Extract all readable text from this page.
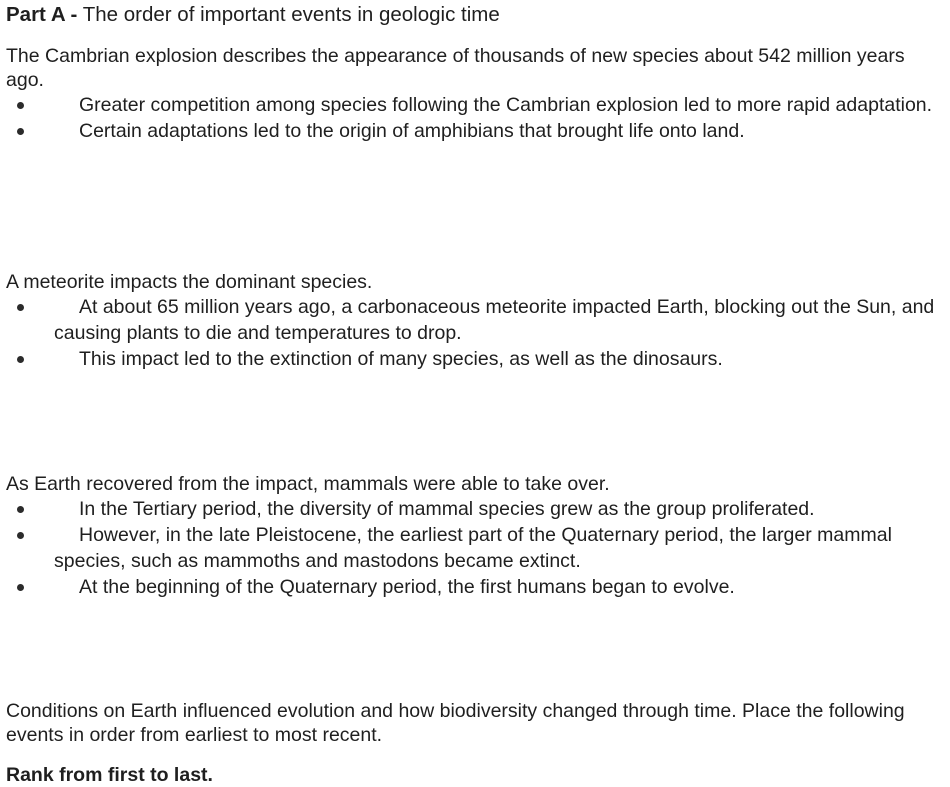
Part A - The order of important events in geologic time

The Cambrian explosion describes the appearance of thousands of new species about 542 million years ago.

Greater competition among species following the Cambrian explosion led to more rapid adaptation.
Certain adaptations led to the origin of amphibians that brought life onto land.

A meteorite impacts the dominant species.

At about 65 million years ago, a carbonaceous meteorite impacted Earth, blocking out the Sun, and causing plants to die and temperatures to drop.
This impact led to the extinction of many species, as well as the dinosaurs.

As Earth recovered from the impact, mammals were able to take over.

In the Tertiary period, the diversity of mammal species grew as the group proliferated.
However, in the late Pleistocene, the earliest part of the Quaternary period, the larger mammal species, such as mammoths and mastodons became extinct.
At the beginning of the Quaternary period, the first humans began to evolve.

Conditions on Earth influenced evolution and how biodiversity changed through time. Place the following events in order from earliest to most recent.

Rank from first to last.
